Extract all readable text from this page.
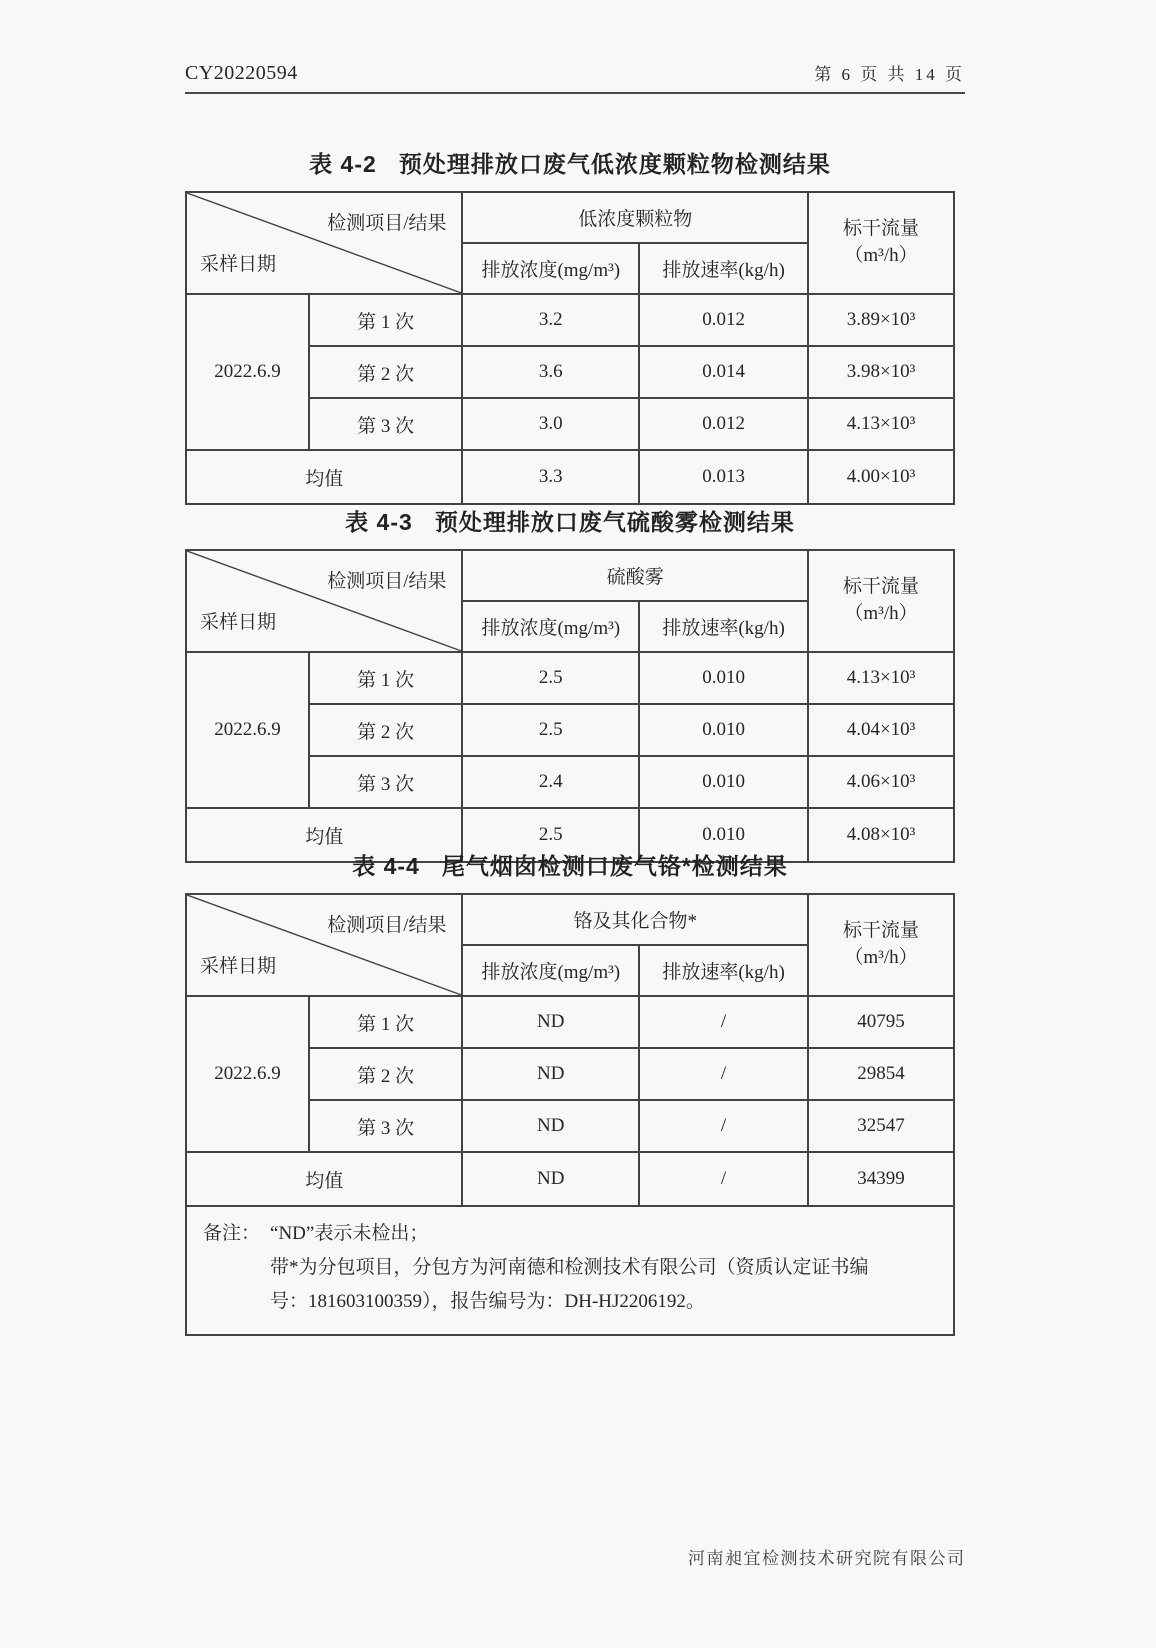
CY20220594	第 6 页 共 14 页
表 4-2 预处理排放口废气低浓度颗粒物检测结果
检测项目/结果
采样日期
	低浓度颗粒物	标干流量
（m³/h）

		排放浓度(mg/m³)	排放速率(kg/h)	
2022.6.9	第 1 次	3.2	0.012	3.89×10³
	第 2 次	3.6	0.014	3.98×10³
	第 3 次	3.0	0.012	4.13×10³
均值		3.3	0.013	4.00×10³
表 4-3 预处理排放口废气硫酸雾检测结果
检测项目/结果
采样日期
	硫酸雾	标干流量
（m³/h）

		排放浓度(mg/m³)	排放速率(kg/h)	
2022.6.9	第 1 次	2.5	0.010	4.13×10³
	第 2 次	2.5	0.010	4.04×10³
	第 3 次	2.4	0.010	4.06×10³
均值		2.5	0.010	4.08×10³
表 4-4 尾气烟囱检测口废气铬*检测结果
检测项目/结果
采样日期
	铬及其化合物*	标干流量
（m³/h）

		排放浓度(mg/m³)	排放速率(kg/h)	
2022.6.9	第 1 次	ND	/	40795
	第 2 次	ND	/	29854
	第 3 次	ND	/	32547
均值		ND	/	34399

备注： “ND”表示未检出；

带*为分包项目，分包方为河南德和检测技术有限公司（资质认定证书编号：181603100359），报告编号为：DH-HJ2206192。				

河南昶宜检测技术研究院有限公司
